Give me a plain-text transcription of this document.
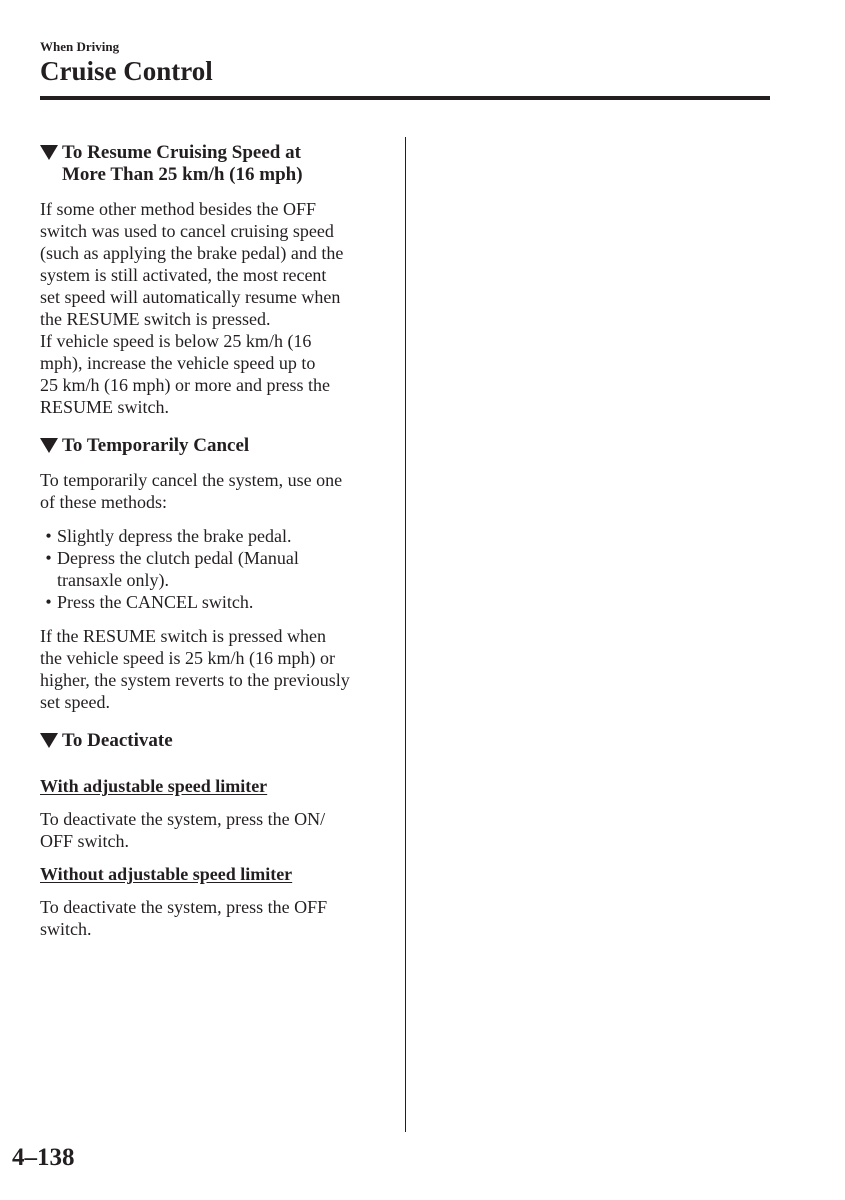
When Driving
Cruise Control
To Resume Cruising Speed at
More Than 25 km/h (16 mph)

If some other method besides the OFF
switch was used to cancel cruising speed
(such as applying the brake pedal) and the
system is still activated, the most recent
set speed will automatically resume when
the RESUME switch is pressed.
If vehicle speed is below 25 km/h (16
mph), increase the vehicle speed up to
25 km/h (16 mph) or more and press the
RESUME switch.

To Temporarily Cancel

To temporarily cancel the system, use one
of these methods:

• Slightly depress the brake pedal.
• Depress the clutch pedal (Manual
transaxle only).
• Press the CANCEL switch.

If the RESUME switch is pressed when
the vehicle speed is 25 km/h (16 mph) or
higher, the system reverts to the previously
set speed.

To Deactivate

With adjustable speed limiter

To deactivate the system, press the ON/
OFF switch.

Without adjustable speed limiter

To deactivate the system, press the OFF
switch.

4–138
